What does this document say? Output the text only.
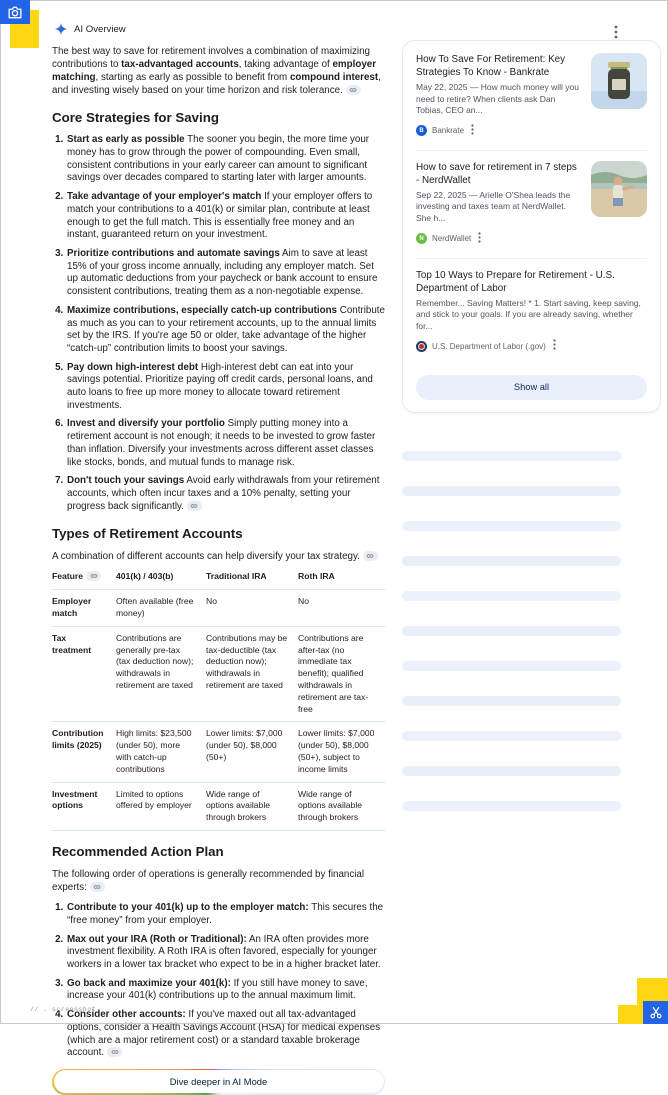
AI Overview

The best way to save for retirement involves a combination of maximizing contributions to tax-advantaged accounts, taking advantage of employer matching, starting as early as possible to benefit from compound interest, and investing wisely based on your time horizon and risk tolerance.

Core Strategies for Saving
1. Start as early as possible The sooner you begin, the more time your money has to grow through the power of compounding. Even small, consistent contributions in your early career can amount to significant savings over decades compared to starting later with larger amounts.
2. Take advantage of your employer's match If your employer offers to match your contributions to a 401(k) or similar plan, contribute at least enough to get the full match. This is essentially free money and an instant, guaranteed return on your investment.
3. Prioritize contributions and automate savings Aim to save at least 15% of your gross income annually, including any employer match. Set up automatic deductions from your paycheck or bank account to ensure consistent contributions, treating them as a non-negotiable expense.
4. Maximize contributions, especially catch-up contributions Contribute as much as you can to your retirement accounts, up to the annual limits set by the IRS. If you're age 50 or older, take advantage of the higher “catch-up” contribution limits to boost your savings.
5. Pay down high-interest debt High-interest debt can eat into your savings potential. Prioritize paying off credit cards, personal loans, and auto loans to free up more money to allocate toward retirement investments.
6. Invest and diversify your portfolio Simply putting money into a retirement account is not enough; it needs to be invested to grow faster than inflation. Diversify your investments across different asset classes like stocks, bonds, and mutual funds to manage risk.
7. Don't touch your savings Avoid early withdrawals from your retirement accounts, which often incur taxes and a 10% penalty, setting your progress back significantly.
Types of Retirement Accounts

A combination of different accounts can help diversify your tax strategy.

Feature	401(k) / 403(b)	Traditional IRA	Roth IRA
Employer match	Often available (free money)	No	No
Tax treatment	Contributions are generally pre-tax (tax deduction now); withdrawals in retirement are taxed	Contributions may be tax-deductible (tax deduction now); withdrawals in retirement are taxed	Contributions are after-tax (no immediate tax benefit); qualified withdrawals in retirement are tax-free
Contribution limits (2025)	High limits: $23,500 (under 50), more with catch-up contributions	Lower limits: $7,000 (under 50), $8,000 (50+)	Lower limits: $7,000 (under 50), $8,000 (50+), subject to income limits
Investment options	Limited to options offered by employer	Wide range of options available through brokers	Wide range of options available through brokers
Recommended Action Plan

The following order of operations is generally recommended by financial experts:

1. Contribute to your 401(k) up to the employer match: This secures the “free money” from your employer.
2. Max out your IRA (Roth or Traditional): An IRA often provides more investment flexibility. A Roth IRA is often favored, especially for younger workers in a lower tax bracket who expect to be in a higher bracket later.
3. Go back and maximize your 401(k): If you still have money to save, increase your 401(k) contributions up to the annual maximum limit.
4. Consider other accounts: If you've maxed out all tax-advantaged options, consider a Health Savings Account (HSA) for medical expenses (which are a major retirement cost) or a standard taxable brokerage account.
Dive deeper in AI Mode

How To Save For Retirement: Key Strategies To Know - Bankrate

May 22, 2025 — How much money will you need to retire? When clients ask Dan Tobias, CEO an...

B	Bankrate

How to save for retirement in 7 steps - NerdWallet

Sep 22, 2025 — Arielle O'Shea leads the investing and taxes team at NerdWallet. She h...

N	NerdWallet

Top 10 Ways to Prepare for Retirement - U.S. Department of Labor

Remember... Saving Matters! * 1. Start saving, keep saving, and stick to your goals. If you are already saving, whether for...

U.S. Department of Labor (.gov)
Show all
// . screenshot
